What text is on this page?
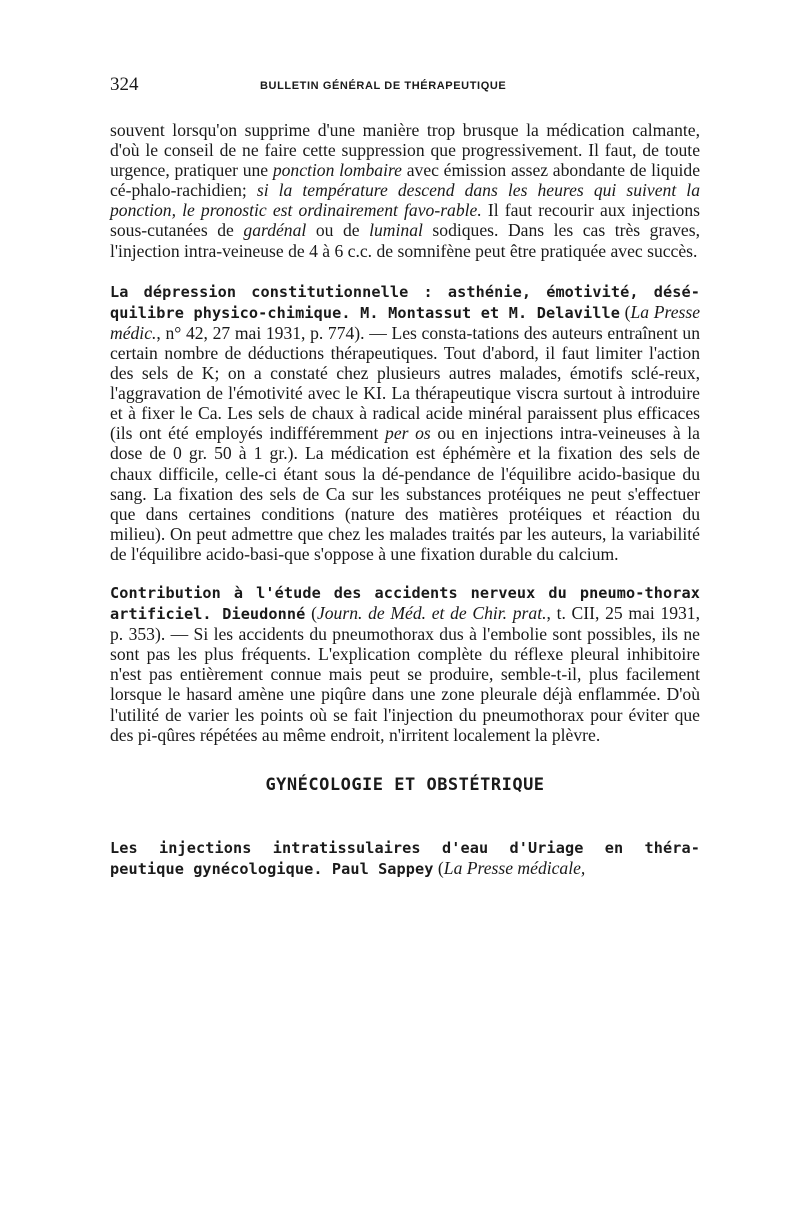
324	BULLETIN GÉNÉRAL DE THÉRAPEUTIQUE

souvent lorsqu'on supprime d'une manière trop brusque la médication calmante, d'où le conseil de ne faire cette suppression que progressivement. Il faut, de toute urgence, pratiquer une ponction lombaire avec émission assez abondante de liquide cé-phalo-rachidien; si la température descend dans les heures qui suivent la ponction, le pronostic est ordinairement favo-rable. Il faut recourir aux injections sous-cutanées de gardénal ou de luminal sodiques. Dans les cas très graves, l'injection intra-veineuse de 4 à 6 c.c. de somnifène peut être pratiquée avec succès.

La dépression constitutionnelle : asthénie, émotivité, désé-quilibre physico-chimique. M. Montassut et M. Delaville (La Presse médic., n° 42, 27 mai 1931, p. 774). — Les consta-tations des auteurs entraînent un certain nombre de déductions thérapeutiques. Tout d'abord, il faut limiter l'action des sels de K; on a constaté chez plusieurs autres malades, émotifs sclé-reux, l'aggravation de l'émotivité avec le KI. La thérapeutique viscra surtout à introduire et à fixer le Ca. Les sels de chaux à radical acide minéral paraissent plus efficaces (ils ont été employés indifféremment per os ou en injections intra-veineuses à la dose de 0 gr. 50 à 1 gr.). La médication est éphémère et la fixation des sels de chaux difficile, celle-ci étant sous la dé-pendance de l'équilibre acido-basique du sang. La fixation des sels de Ca sur les substances protéiques ne peut s'effectuer que dans certaines conditions (nature des matières protéiques et réaction du milieu). On peut admettre que chez les malades traités par les auteurs, la variabilité de l'équilibre acido-basi-que s'oppose à une fixation durable du calcium.

Contribution à l'étude des accidents nerveux du pneumo-thorax artificiel. Dieudonné (Journ. de Méd. et de Chir. prat., t. CII, 25 mai 1931, p. 353). — Si les accidents du pneumothorax dus à l'embolie sont possibles, ils ne sont pas les plus fréquents. L'explication complète du réflexe pleural inhibitoire n'est pas entièrement connue mais peut se produire, semble-t-il, plus facilement lorsque le hasard amène une piqûre dans une zone pleurale déjà enflammée. D'où l'utilité de varier les points où se fait l'injection du pneumothorax pour éviter que des pi-qûres répétées au même endroit, n'irritent localement la plèvre.

GYNÉCOLOGIE ET OBSTÉTRIQUE

Les injections intratissulaires d'eau d'Uriage en théra-peutique gynécologique. Paul Sappey (La Presse médicale,
